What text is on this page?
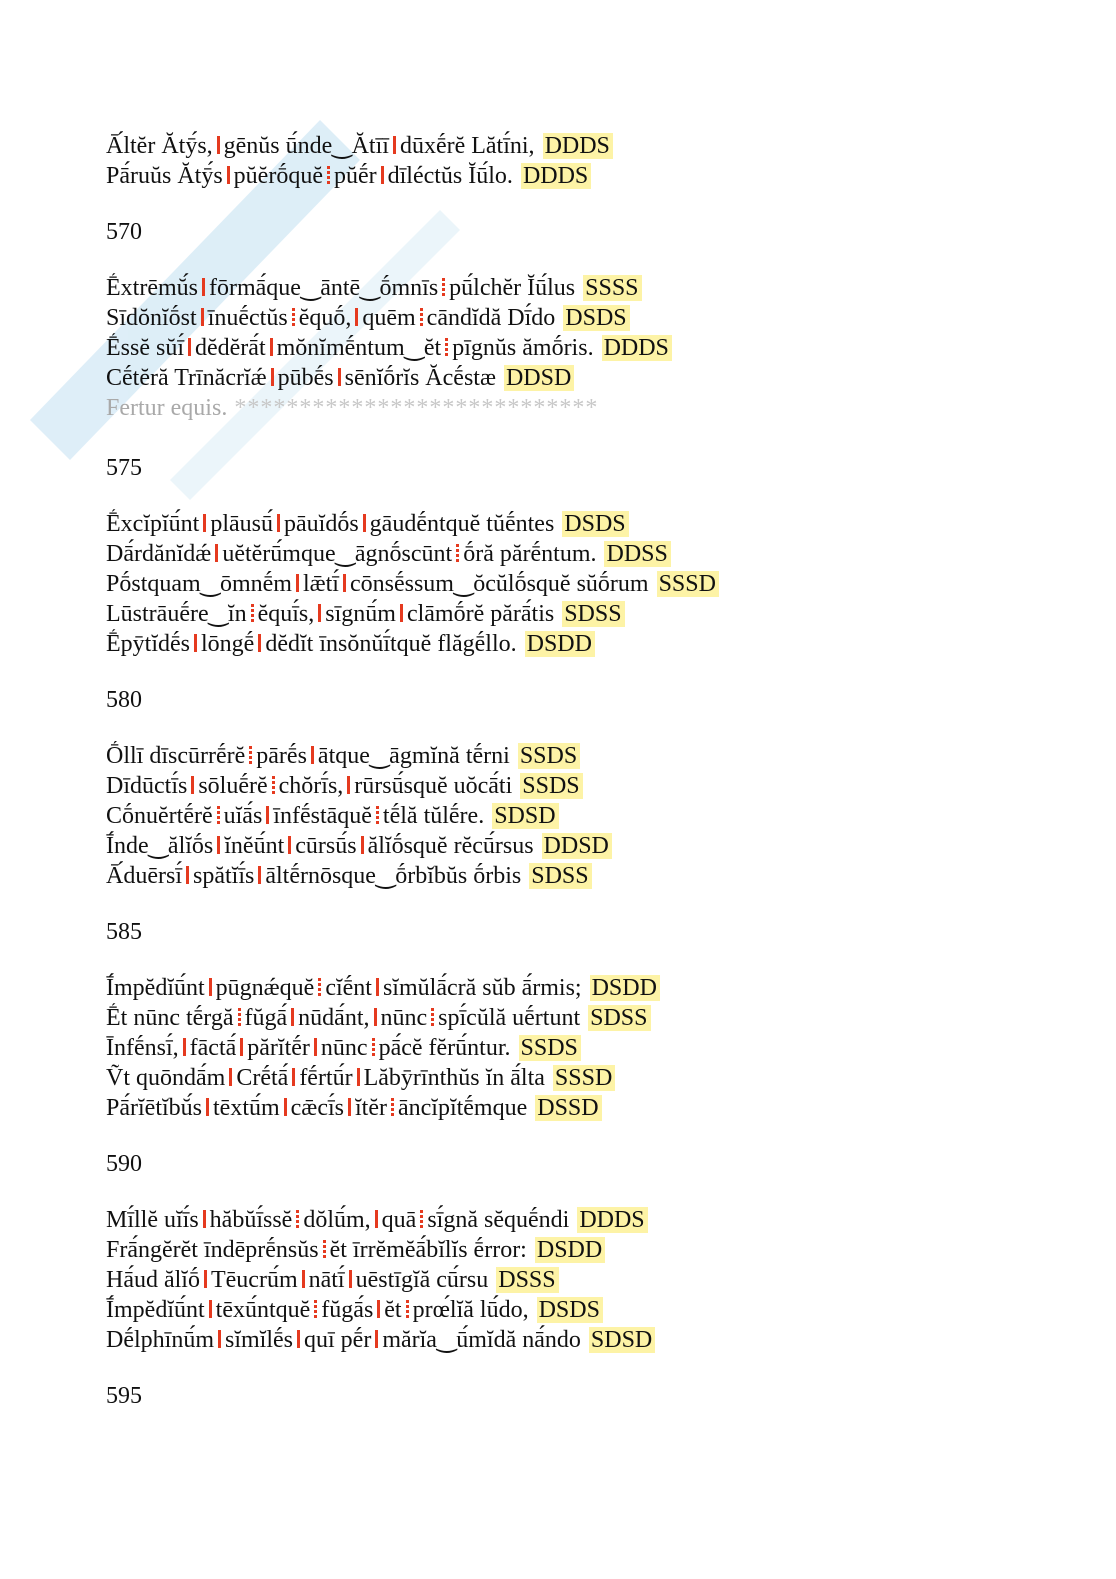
Ā́ltĕr Ătȳ́s, gēnŭs ū́nde‿Ătīī dūxḗrĕ Lătī́ni, DDDS
Pā́ruŭs Ătȳ́s pŭĕrṓquĕ pŭḗr dīléctŭs Ĭū́lo. DDDS
570
Ḗxtrēmŭ́s fōrmā́que‿āntē‿ṓmnīs pū́lchĕr Ĭū́lus SSSS
Sīdŏnĭṓst īnuḗctŭs ĕquṓ, quēm cāndĭdă Dī́do DSDS
Ḗssĕ sŭī́ dĕdĕrā́t mŏnĭmḗntum‿ĕt pīgnŭs ămṓris. DDDS
Cḗtĕră Trīnăcrĭǽ pūbḗs sēnĭṓrĭs Ăcḗstæ DDSD
Fertur equis. ****************************
575
Ḗxcĭpĭū́nt plāusū́ pāuĭdṓs gāudḗntquĕ tŭḗntes DSDS
Dā́rdănĭdǽ uĕtĕrū́mque‿āgnṓscūnt ṓră părḗntum. DDSS
Pṓstquam‿ōmnḗm lǣtī́ cōnsḗssum‿ŏcŭlṓsquĕ sŭṓrum SSSD
Lūstrāuḗre‿ĭn ĕquī́s, sīgnū́m clāmṓrĕ părā́tis SDSS
Ḗpȳtĭdḗs lōngḗ dĕdĭt īnsŏnŭī́tquĕ flăgḗllo. DSDD
580
Ṓllī dīscūrrḗrĕ pārḗs ātque‿āgmĭnă tḗrni SSDS
Dīdūctī́s sōluḗrĕ chŏrī́s, rūrsū́squĕ uŏcā́ti SSDS
Cṓnuĕrtḗrĕ uĭā́s īnfḗstāquĕ tḗlă tŭlḗre. SDSD
Ī́nde‿ălĭṓs ĭnĕū́nt cūrsū́s ălĭṓsquĕ rĕcū́rsus DDSD
Ā́duērsī́ spătĭī́s āltḗrnōsque‿ṓrbĭbŭs ṓrbis SDSS
585
Ī́mpĕdĭū́nt pūgnǽquĕ cĭḗnt sĭmŭlā́cră sŭb ā́rmis; DSDD
Ḗt nūnc tḗrgă fŭgā́ nūdā́nt, nūnc spī́cŭlă uḗrtunt SDSS
Īnfḗnsī́, fāctā́ părĭtḗr nūnc pā́cĕ fĕrū́ntur. SSDS
Ṽt quōndā́m Crḗtā́ fḗrtū́r Lăbȳrīnthŭs ĭn ā́lta SSSD
Pā́rĭētĭbŭ́s tēxtū́m cǣcī́s ĭtĕr āncĭpĭtḗmque DSSD
590
Mī́llĕ uĭī́s hăbŭī́ssĕ dŏlū́m, quā sī́gnă sĕquḗndi DDDS
Frā́ngĕrĕt īndēprḗnsŭs ĕt īrrĕmĕā́bĭlĭs ḗrror: DSDD
Hā́ud ălĭṓ Tēucrū́m nātī́ uēstīgĭă cū́rsu DSSS
Ī́mpĕdĭū́nt tēxū́ntquĕ fŭgā́s ĕt prœ́lĭă lū́do, DSDS
Dḗlphīnū́m sĭmĭlḗs quī pḗr mărĭa‿ū́mĭdă nā́ndo SDSD
595
